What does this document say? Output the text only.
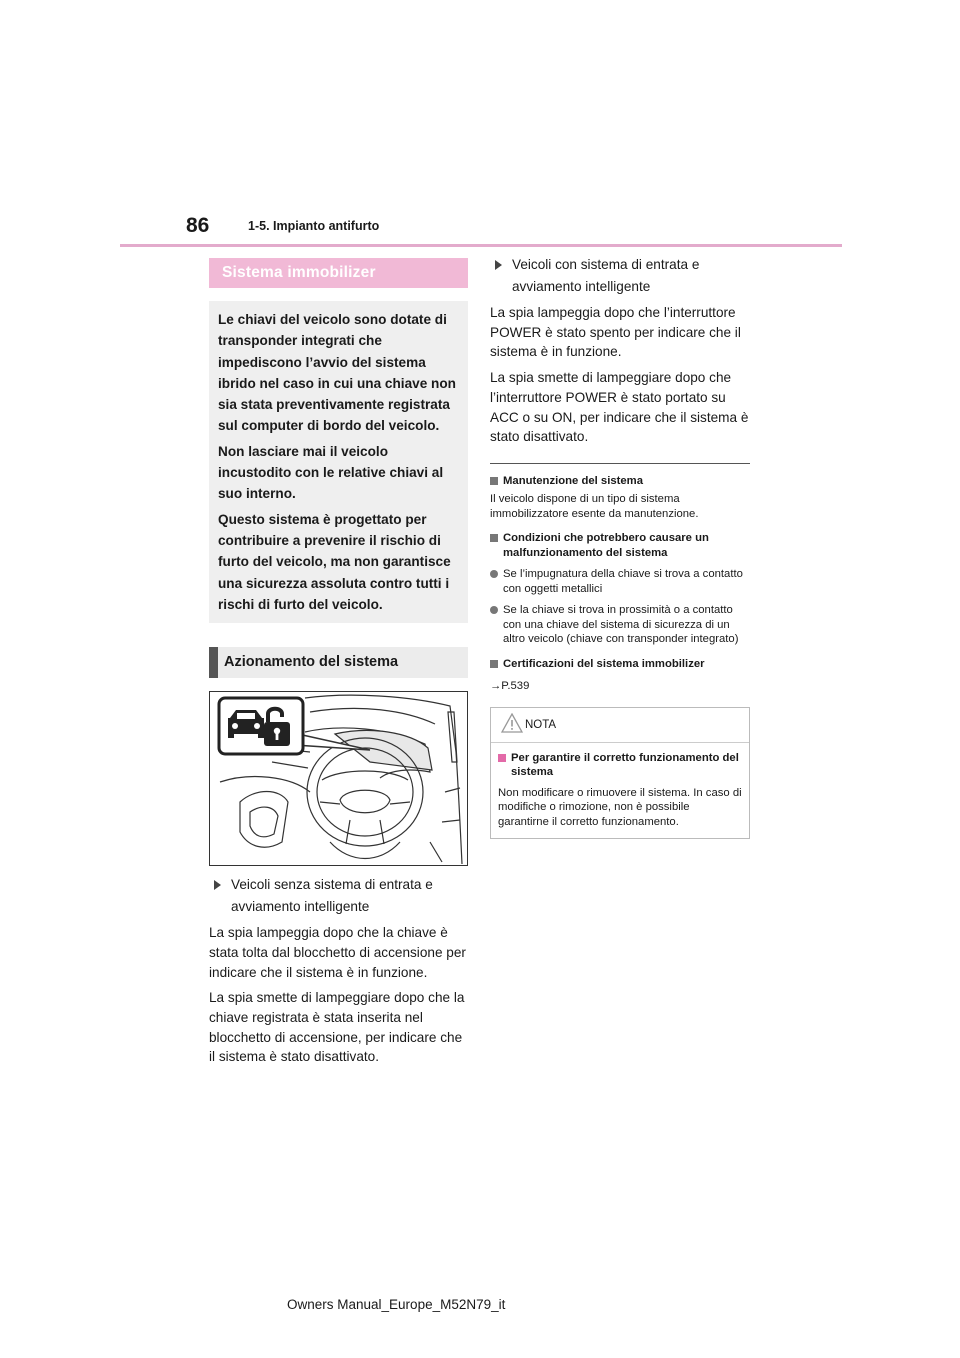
86	1-5. Impianto antifurto
Sistema immobilizer

Le chiavi del veicolo sono dotate di transponder integrati che impediscono l’avvio del sistema ibrido nel caso in cui una chiave non sia stata preventivamente registrata sul computer di bordo del veicolo.

Non lasciare mai il veicolo incustodito con le relative chiavi al suo interno.

Questo sistema è progettato per contribuire a prevenire il rischio di furto del veicolo, ma non garantisce una sicurezza assoluta contro tutti i rischi di furto del veicolo.

Azionamento del sistema
Veicoli senza sistema di entrata e avviamento intelligente

La spia lampeggia dopo che la chiave è stata tolta dal blocchetto di accensione per indicare che il sistema è in funzione.

La spia smette di lampeggiare dopo che la chiave registrata è stata inserita nel blocchetto di accensione, per indicare che il sistema è stato disattivato.

Veicoli con sistema di entrata e avviamento intelligente

La spia lampeggia dopo che l’interruttore POWER è stato spento per indicare che il sistema è in funzione.

La spia smette di lampeggiare dopo che l’interruttore POWER è stato portato su ACC o su ON, per indicare che il sistema è stato disattivato.

Manutenzione del sistema
Il veicolo dispone di un tipo di sistema immobilizzatore esente da manutenzione.
Condizioni che potrebbero causare un malfunzionamento del sistema
Se l’impugnatura della chiave si trova a contatto con oggetti metallici
Se la chiave si trova in prossimità o a contatto con una chiave del sistema di sicurezza di un altro veicolo (chiave con transponder integrato)
Certificazioni del sistema immobilizer
→P.539
NOTA
Per garantire il corretto funzionamento del sistema
Non modificare o rimuovere il sistema. In caso di modifiche o rimozione, non è possibile garantirne il corretto funzionamento.
Owners Manual_Europe_M52N79_it
